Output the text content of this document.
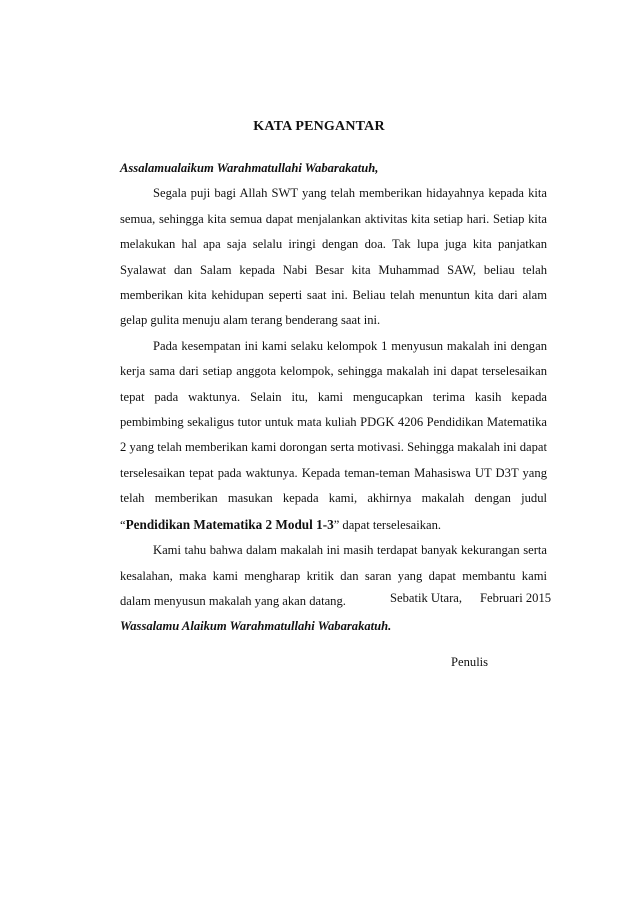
KATA PENGANTAR

Assalamualaikum Warahmatullahi Wabarakatuh,

Segala puji bagi Allah SWT yang telah memberikan hidayahnya kepada kita semua, sehingga kita semua dapat menjalankan aktivitas kita setiap hari. Setiap kita melakukan hal apa saja selalu iringi dengan doa. Tak lupa juga kita panjatkan Syalawat dan Salam kepada Nabi Besar kita Muhammad SAW, beliau telah memberikan kita kehidupan seperti saat ini. Beliau telah menuntun kita dari alam gelap gulita menuju alam terang benderang saat ini.

Pada kesempatan ini kami selaku kelompok 1 menyusun makalah ini dengan kerja sama dari setiap anggota kelompok, sehingga makalah ini dapat terselesaikan tepat pada waktunya. Selain itu, kami mengucapkan terima kasih kepada pembimbing sekaligus tutor untuk mata kuliah PDGK 4206 Pendidikan Matematika 2 yang telah memberikan kami dorongan serta motivasi. Sehingga makalah ini dapat terselesaikan tepat pada waktunya. Kepada teman-teman Mahasiswa UT D3T yang telah memberikan masukan kepada kami, akhirnya makalah dengan judul “Pendidikan Matematika 2 Modul 1-3” dapat terselesaikan.

Kami tahu bahwa dalam makalah ini masih terdapat banyak kekurangan serta kesalahan, maka kami mengharap kritik dan saran yang dapat membantu kami dalam menyusun makalah yang akan datang.

Wassalamu Alaikum Warahmatullahi Wabarakatuh.

Sebatik Utara, Februari 2015
Penulis
